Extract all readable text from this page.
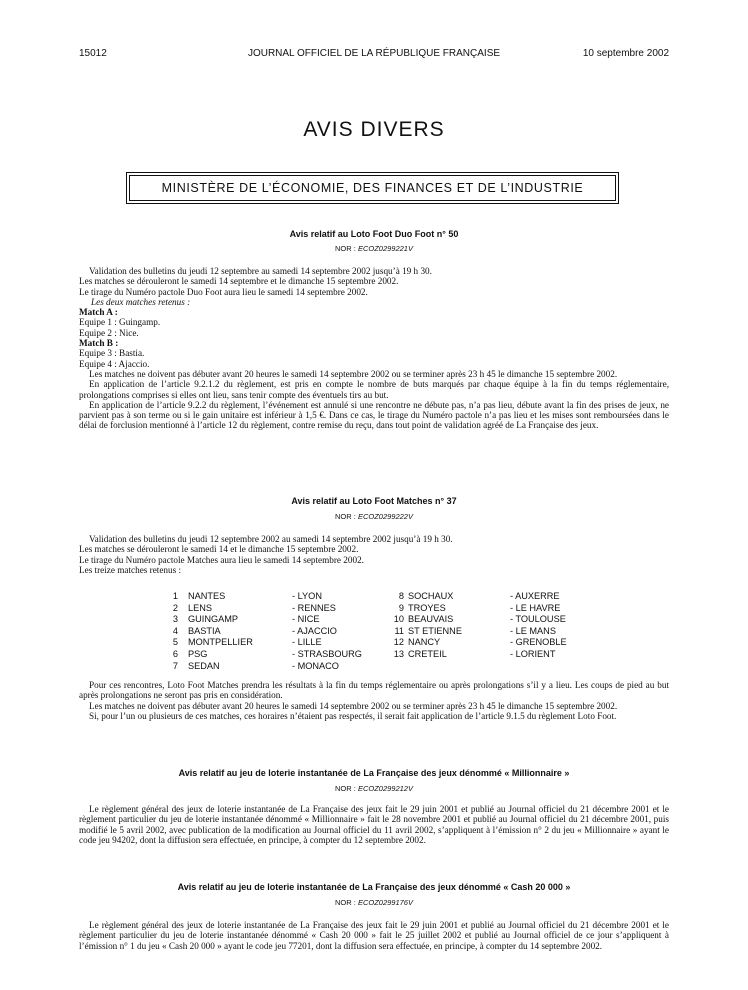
15012	JOURNAL OFFICIEL DE LA RÉPUBLIQUE FRANÇAISE	10 septembre 2002
AVIS DIVERS
MINISTÈRE DE L’ÉCONOMIE, DES FINANCES ET DE L’INDUSTRIE
Avis relatif au Loto Foot Duo Foot n° 50
NOR : ECOZ0299221V

Validation des bulletins du jeudi 12 septembre au samedi 14 septembre 2002 jusqu’à 19 h 30.

Les matches se dérouleront le samedi 14 septembre et le dimanche 15 septembre 2002.

Le tirage du Numéro pactole Duo Foot aura lieu le samedi 14 septembre 2002.

Les deux matches retenus :

Match A :

Equipe 1 : Guingamp.

Equipe 2 : Nice.

Match B :

Equipe 3 : Bastia.

Equipe 4 : Ajaccio.

Les matches ne doivent pas débuter avant 20 heures le samedi 14 septembre 2002 ou se terminer après 23 h 45 le dimanche 15 septembre 2002.

En application de l’article 9.2.1.2 du règlement, est pris en compte le nombre de buts marqués par chaque équipe à la fin du temps réglementaire, prolongations comprises si elles ont lieu, sans tenir compte des éventuels tirs au but.

En application de l’article 9.2.2 du règlement, l’événement est annulé si une rencontre ne débute pas, n’a pas lieu, débute avant la fin des prises de jeux, ne parvient pas à son terme ou si le gain unitaire est inférieur à 1,5 €. Dans ce cas, le tirage du Numéro pactole n’a pas lieu et les mises sont remboursées dans le délai de forclusion mentionné à l’article 12 du règlement, contre remise du reçu, dans tout point de validation agréé de La Française des jeux.

Avis relatif au Loto Foot Matches n° 37
NOR : ECOZ0299222V

Validation des bulletins du jeudi 12 septembre 2002 au samedi 14 septembre 2002 jusqu’à 19 h 30.

Les matches se dérouleront le samedi 14 et le dimanche 15 septembre 2002.

Le tirage du Numéro pactole Matches aura lieu le samedi 14 septembre 2002.

Les treize matches retenus :

1 NANTES	- LYON	8 SOCHAUX	- AUXERRE
2 LENS	- RENNES	9 TROYES	- LE HAVRE
3 GUINGAMP	- NICE	10 BEAUVAIS	- TOULOUSE
4 BASTIA	- AJACCIO	11 ST ETIENNE	- LE MANS
5 MONTPELLIER	- LILLE	12 NANCY	- GRENOBLE
6 PSG	- STRASBOURG	13 CRETEIL	- LORIENT
7 SEDAN	- MONACO

Pour ces rencontres, Loto Foot Matches prendra les résultats à la fin du temps réglementaire ou après prolongations s’il y a lieu. Les coups de pied au but après prolongations ne seront pas pris en considération.

Les matches ne doivent pas débuter avant 20 heures le samedi 14 septembre 2002 ou se terminer après 23 h 45 le dimanche 15 septembre 2002.

Si, pour l’un ou plusieurs de ces matches, ces horaires n’étaient pas respectés, il serait fait application de l’article 9.1.5 du règlement Loto Foot.

Avis relatif au jeu de loterie instantanée de La Française des jeux dénommé « Millionnaire »
NOR : ECOZ0299212V

Le règlement général des jeux de loterie instantanée de La Française des jeux fait le 29 juin 2001 et publié au Journal officiel du 21 décembre 2001 et le règlement particulier du jeu de loterie instantanée dénommé « Millionnaire » fait le 28 novembre 2001 et publié au Journal officiel du 21 décembre 2001, puis modifié le 5 avril 2002, avec publication de la modification au Journal officiel du 11 avril 2002, s’appliquent à l’émission n° 2 du jeu « Millionnaire » ayant le code jeu 94202, dont la diffusion sera effectuée, en principe, à compter du 12 septembre 2002.

Avis relatif au jeu de loterie instantanée de La Française des jeux dénommé « Cash 20 000 »
NOR : ECOZ0299176V

Le règlement général des jeux de loterie instantanée de La Française des jeux fait le 29 juin 2001 et publié au Journal officiel du 21 décembre 2001 et le règlement particulier du jeu de loterie instantanée dénommé « Cash 20 000 » fait le 25 juillet 2002 et publié au Journal officiel de ce jour s’appliquent à l’émission n° 1 du jeu « Cash 20 000 » ayant le code jeu 77201, dont la diffusion sera effectuée, en principe, à compter du 14 septembre 2002.
